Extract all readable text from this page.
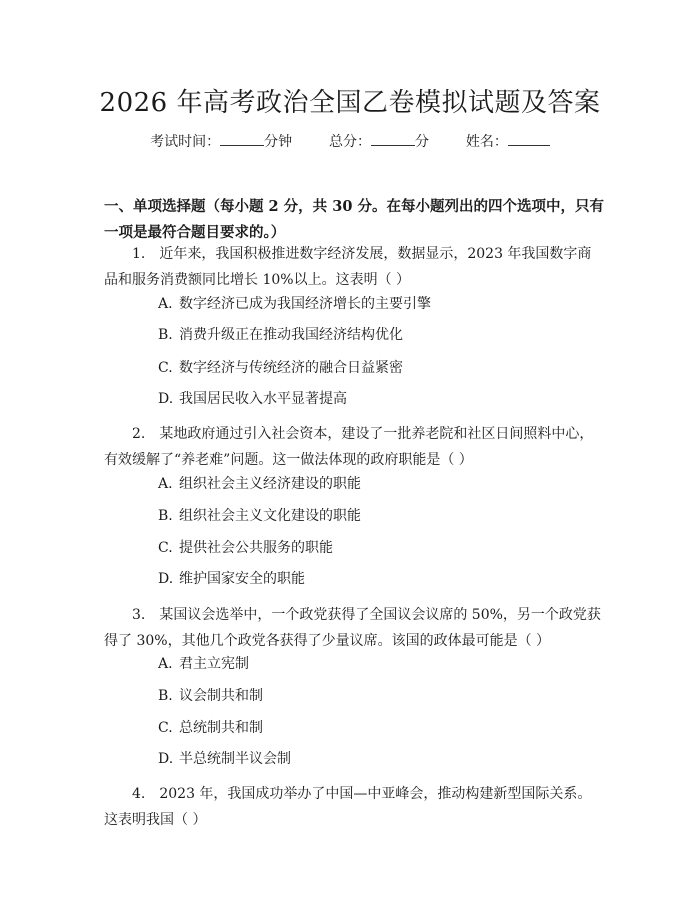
2026 年高考政治全国乙卷模拟试题及答案
考试时间：	分钟	总分：	分	姓名：
一、单项选择题（每小题 2 分，共 30 分。在每小题列出的四个选项中，只有一项是最符合题目要求的。）
1.　近年来，我国积极推进数字经济发展，数据显示，2023 年我国数字商品和服务消费额同比增长 10%以上。这表明（ ）
A. 数字经济已成为我国经济增长的主要引擎
B. 消费升级正在推动我国经济结构优化
C. 数字经济与传统经济的融合日益紧密
D. 我国居民收入水平显著提高
2.　某地政府通过引入社会资本，建设了一批养老院和社区日间照料中心，有效缓解了“养老难”问题。这一做法体现的政府职能是（ ）
A. 组织社会主义经济建设的职能
B. 组织社会主义文化建设的职能
C. 提供社会公共服务的职能
D. 维护国家安全的职能
3.　某国议会选举中，一个政党获得了全国议会议席的 50%，另一个政党获得了 30%，其他几个政党各获得了少量议席。该国的政体最可能是（ ）
A. 君主立宪制
B. 议会制共和制
C. 总统制共和制
D. 半总统制半议会制
4.　2023 年，我国成功举办了中国—中亚峰会，推动构建新型国际关系。这表明我国（ ）
